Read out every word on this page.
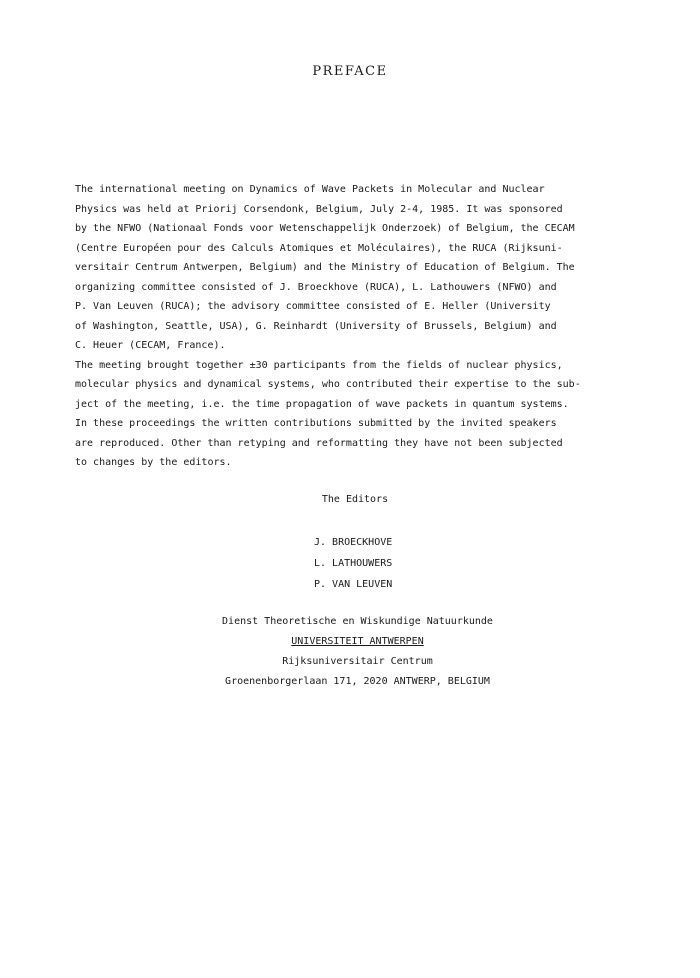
PREFACE
The international meeting on Dynamics of Wave Packets in Molecular and Nuclear
Physics was held at Priorij Corsendonk, Belgium, July 2-4, 1985. It was sponsored
by the NFWO (Nationaal Fonds voor Wetenschappelijk Onderzoek) of Belgium, the CECAM
(Centre Européen pour des Calculs Atomiques et Moléculaires), the RUCA (Rijksuni-
versitair Centrum Antwerpen, Belgium) and the Ministry of Education of Belgium. The
organizing committee consisted of J. Broeckhove (RUCA), L. Lathouwers (NFWO) and
P. Van Leuven (RUCA); the advisory committee consisted of E. Heller (University
of Washington, Seattle, USA), G. Reinhardt (University of Brussels, Belgium) and
C. Heuer (CECAM, France).
The meeting brought together ±30 participants from the fields of nuclear physics,
molecular physics and dynamical systems, who contributed their expertise to the sub-
ject of the meeting, i.e. the time propagation of wave packets in quantum systems.
In these proceedings the written contributions submitted by the invited speakers
are reproduced. Other than retyping and reformatting they have not been subjected
to changes by the editors.
The Editors
J. BROECKHOVE
L. LATHOUWERS
P. VAN LEUVEN
Dienst Theoretische en Wiskundige Natuurkunde
UNIVERSITEIT ANTWERPEN
Rijksuniversitair Centrum
Groenenborgerlaan 171, 2020 ANTWERP, BELGIUM
